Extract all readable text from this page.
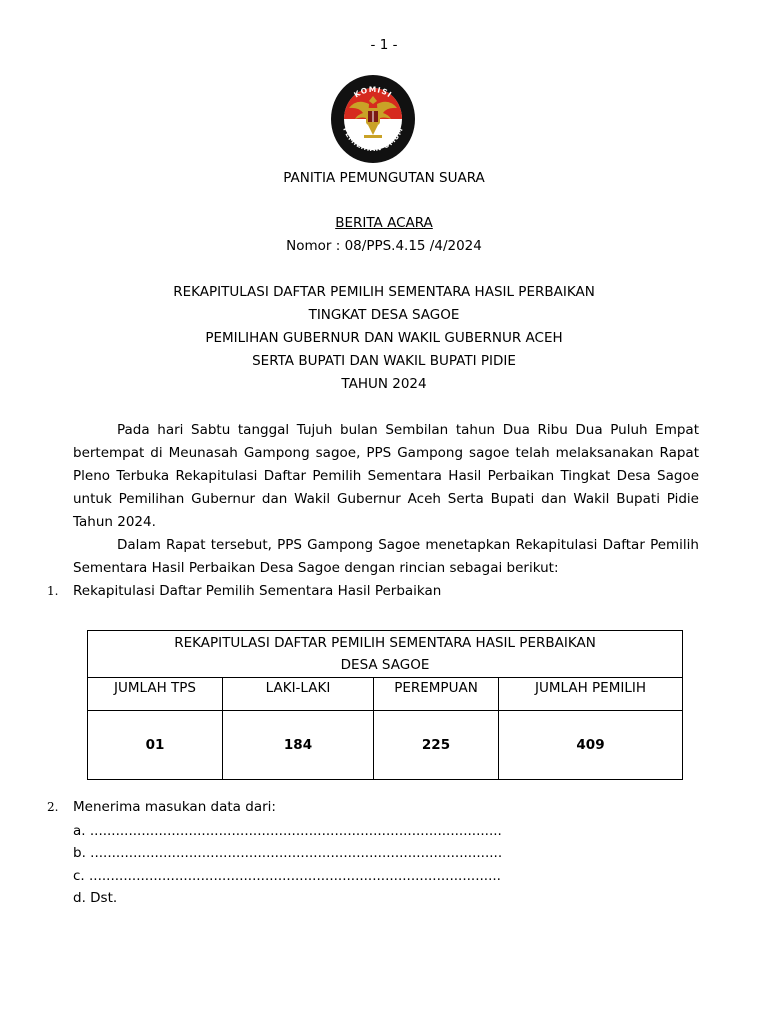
- 1 -
KOMISI
PEMILIHAN UMUM
PANITIA PEMUNGUTAN SUARA
BERITA ACARA
Nomor : 08/PPS.4.15 /4/2024
REKAPITULASI DAFTAR PEMILIH SEMENTARA HASIL PERBAIKAN
TINGKAT DESA SAGOE
PEMILIHAN GUBERNUR DAN WAKIL GUBERNUR ACEH
SERTA BUPATI DAN WAKIL BUPATI PIDIE
TAHUN 2024
Pada hari Sabtu tanggal Tujuh bulan Sembilan tahun Dua Ribu Dua Puluh Empat bertempat di Meunasah Gampong sagoe, PPS Gampong sagoe telah melaksanakan Rapat Pleno Terbuka Rekapitulasi Daftar Pemilih Sementara Hasil Perbaikan Tingkat Desa Sagoe untuk Pemilihan Gubernur dan Wakil Gubernur Aceh Serta Bupati dan Wakil Bupati Pidie Tahun 2024.
Dalam Rapat tersebut, PPS Gampong Sagoe menetapkan Rekapitulasi Daftar Pemilih Sementara Hasil Perbaikan Desa Sagoe dengan rincian sebagai berikut:
1. Rekapitulasi Daftar Pemilih Sementara Hasil Perbaikan
REKAPITULASI DAFTAR PEMILIH SEMENTARA HASIL PERBAIKAN
DESA SAGOE			

JUMLAH TPS	LAKI-LAKI	PEREMPUAN	JUMLAH PEMILIH
01	184	225	409
2. Menerima masukan data dari:
a. ................................................................................................
b. ................................................................................................
c. ................................................................................................
d. Dst.
